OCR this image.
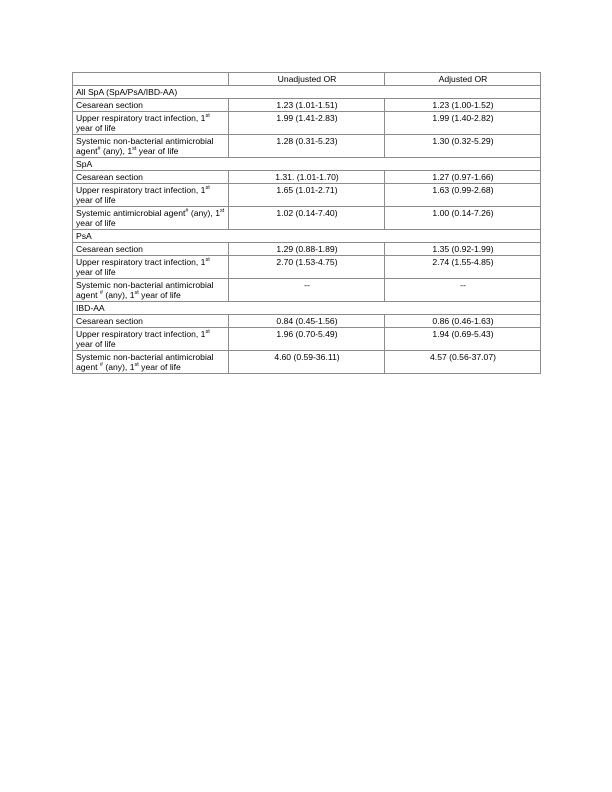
	Unadjusted OR	Adjusted OR
All SpA (SpA/PsA/IBD-AA)		
Cesarean section	1.23 (1.01-1.51)	1.23 (1.00-1.52)
Upper respiratory tract infection, 1st year of life	1.99 (1.41-2.83)	1.99 (1.40-2.82)
Systemic non-bacterial antimicrobial agent# (any), 1st year of life	1.28 (0.31-5.23)	1.30 (0.32-5.29)
SpA		
Cesarean section	1.31. (1.01-1.70)	1.27 (0.97-1.66)
Upper respiratory tract infection, 1st year of life	1.65 (1.01-2.71)	1.63 (0.99-2.68)
Systemic antimicrobial agent# (any), 1st year of life	1.02 (0.14-7.40)	1.00 (0.14-7.26)
PsA		
Cesarean section	1.29 (0.88-1.89)	1.35 (0.92-1.99)
Upper respiratory tract infection, 1st year of life	2.70 (1.53-4.75)	2.74 (1.55-4.85)
Systemic non-bacterial antimicrobial agent # (any), 1st year of life	--	--
IBD-AA		
Cesarean section	0.84 (0.45-1.56)	0.86 (0.46-1.63)
Upper respiratory tract infection, 1st year of life	1.96 (0.70-5.49)	1.94 (0.69-5.43)
Systemic non-bacterial antimicrobial agent # (any), 1st year of life	4.60 (0.59-36.11)	4.57 (0.56-37.07)
